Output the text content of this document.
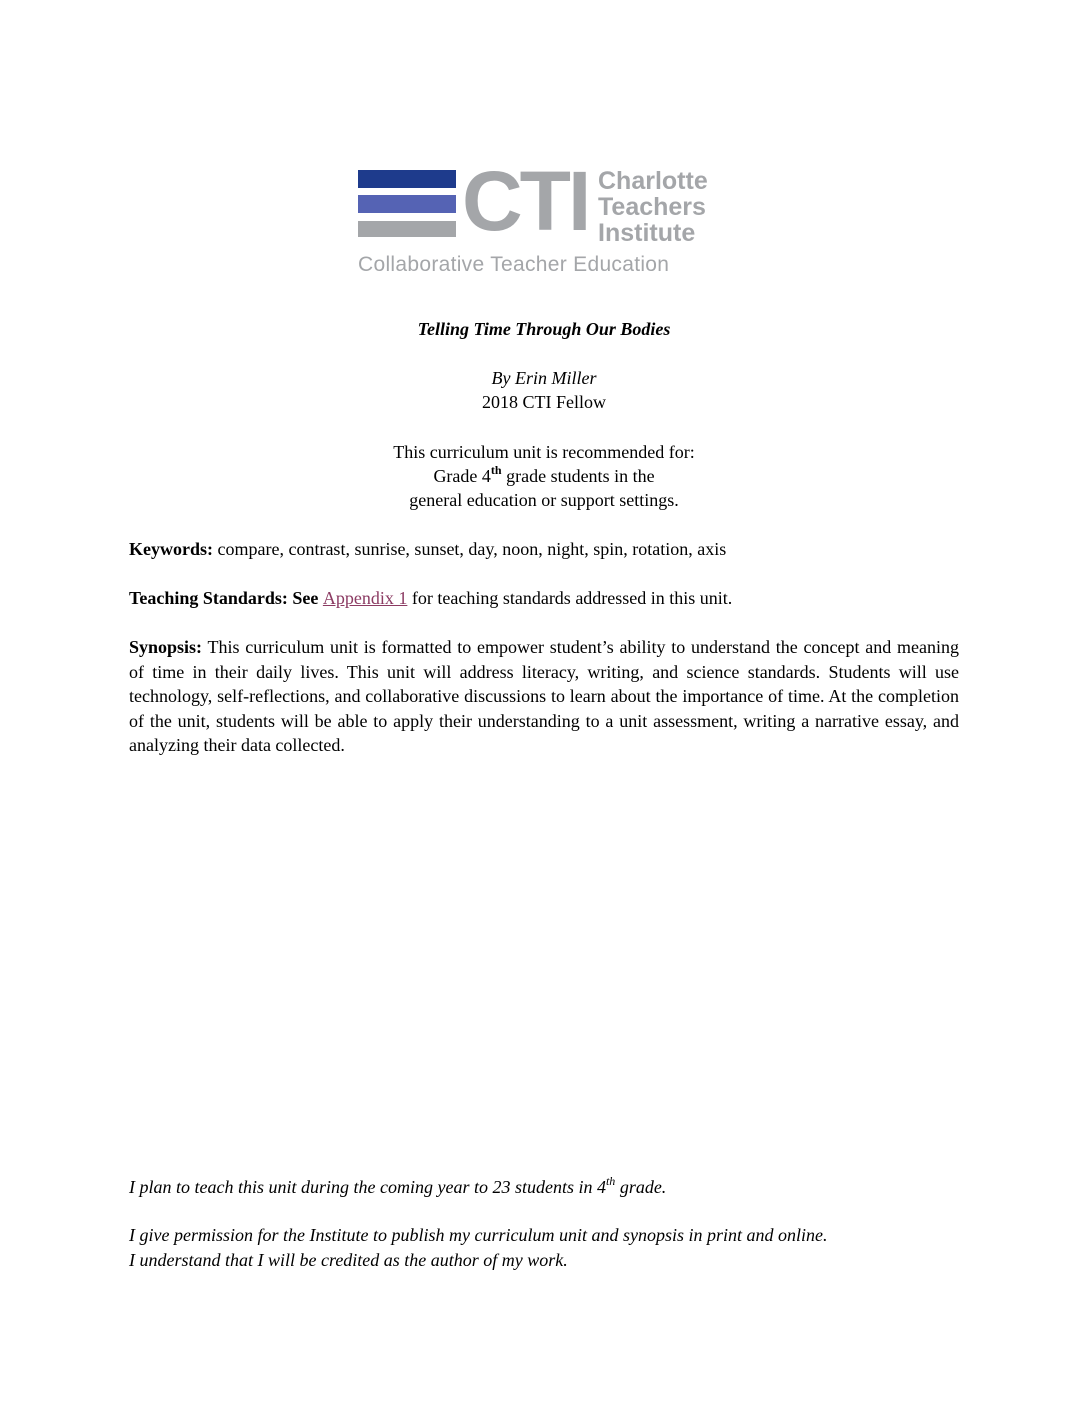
CTI Charlotte
Teachers
Institute
Collaborative Teacher Education
Telling Time Through Our Bodies
By Erin Miller
2018 CTI Fellow
This curriculum unit is recommended for:
Grade 4th grade students in the
general education or support settings.
Keywords: compare, contrast, sunrise, sunset, day, noon, night, spin, rotation, axis
Teaching Standards: See Appendix 1 for teaching standards addressed in this unit.
Synopsis: This curriculum unit is formatted to empower student’s ability to understand the concept and meaning of time in their daily lives. This unit will address literacy, writing, and science standards. Students will use technology, self-reflections, and collaborative discussions to learn about the importance of time. At the completion of the unit, students will be able to apply their understanding to a unit assessment, writing a narrative essay, and analyzing their data collected.
I plan to teach this unit during the coming year to 23 students in 4th grade.
I give permission for the Institute to publish my curriculum unit and synopsis in print and online.
I understand that I will be credited as the author of my work.
